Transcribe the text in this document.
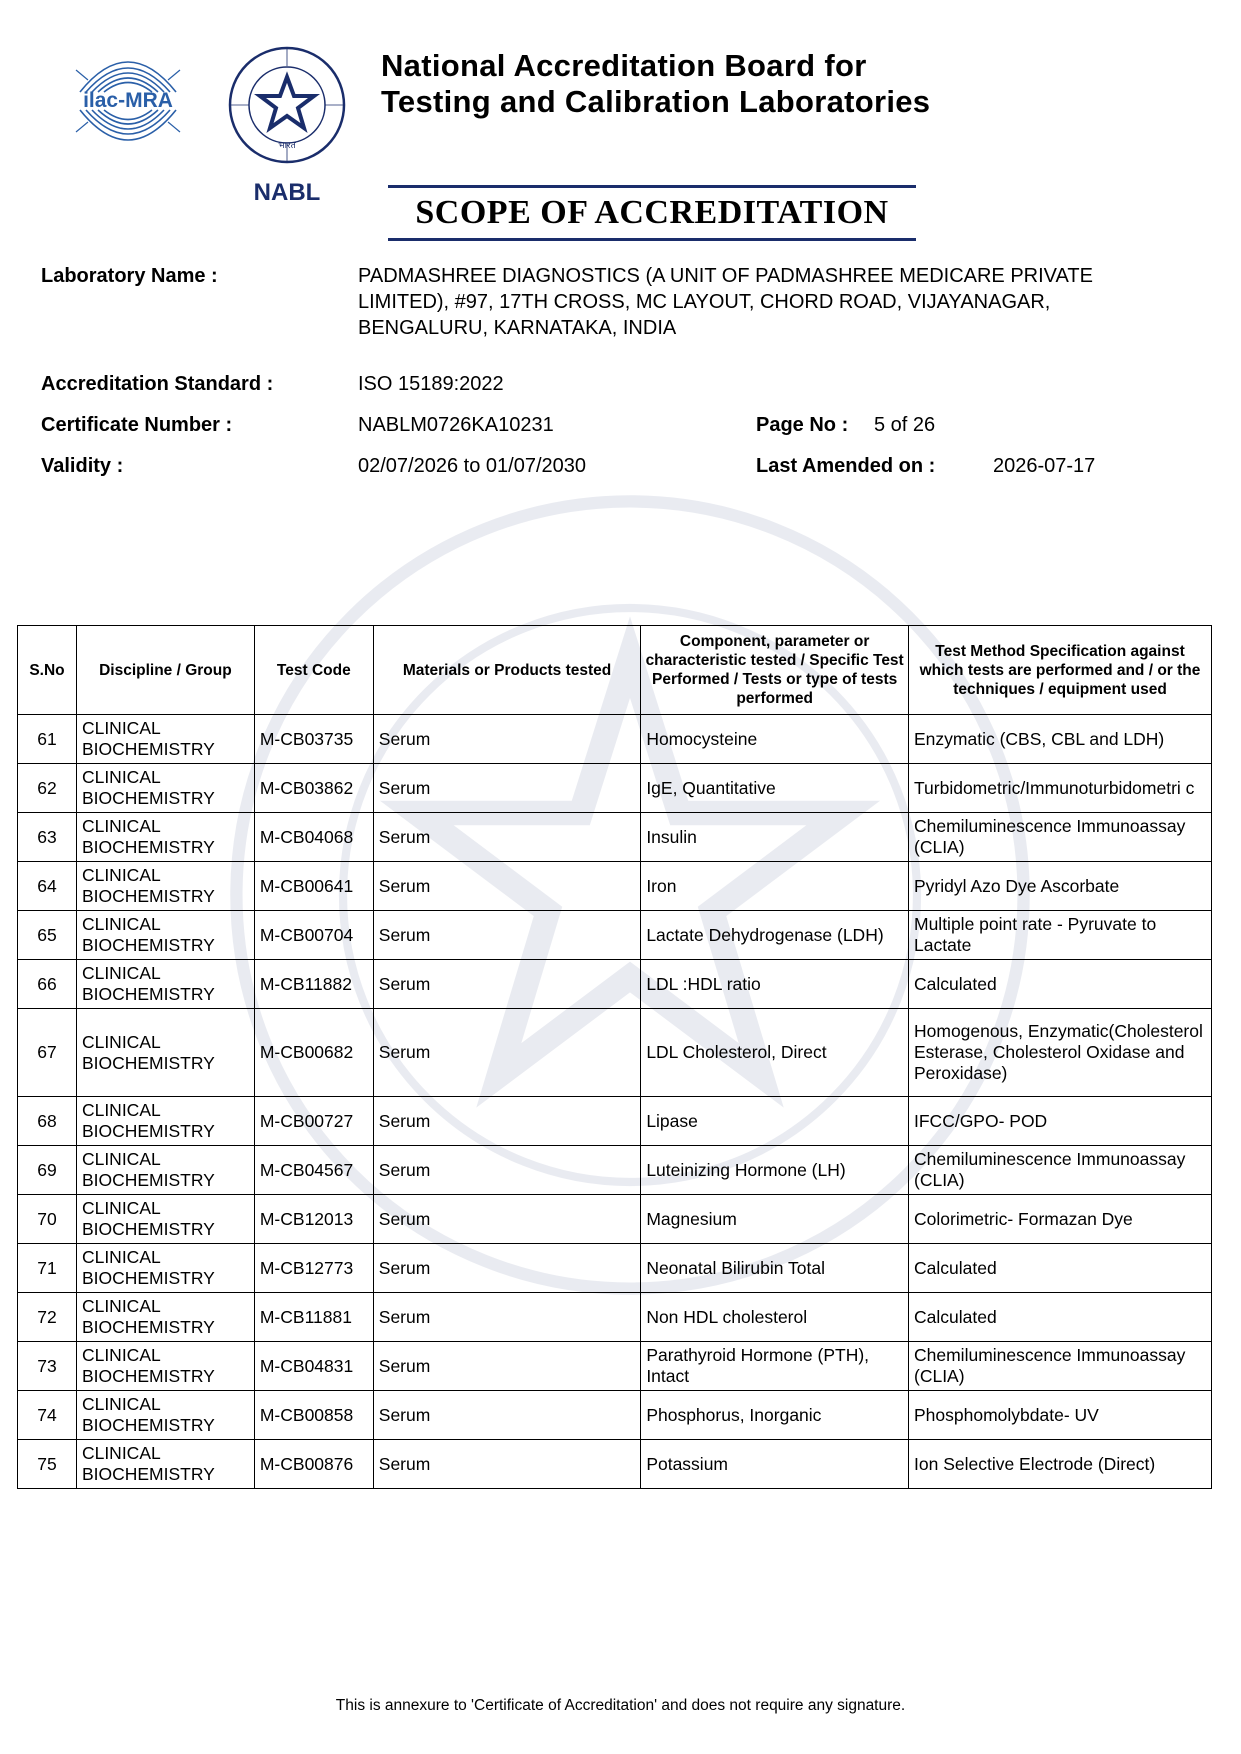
ilac-MRA
भारत
NABL
National Accreditation Board for
Testing and Calibration Laboratories
SCOPE OF ACCREDITATION
Laboratory Name :	PADMASHREE DIAGNOSTICS (A UNIT OF PADMASHREE MEDICARE PRIVATE
LIMITED), #97, 17TH CROSS, MC LAYOUT, CHORD ROAD, VIJAYANAGAR,
BENGALURU, KARNATAKA, INDIA
Accreditation Standard :	ISO 15189:2022
Certificate Number :	NABLM0726KA10231	Page No : 5 of 26
Validity :	02/07/2026 to 01/07/2030	Last Amended on :	2026-07-17
S.No	Discipline / Group	Test Code	Materials or Products tested	Component, parameter or characteristic tested / Specific Test Performed / Tests or type of tests performed	Test Method Specification against which tests are performed and / or the techniques / equipment used
61	CLINICAL BIOCHEMISTRY	M-CB03735	Serum	Homocysteine	Enzymatic (CBS, CBL and LDH)
62	CLINICAL BIOCHEMISTRY	M-CB03862	Serum	IgE, Quantitative	Turbidometric/Immunoturbidometri c
63	CLINICAL BIOCHEMISTRY	M-CB04068	Serum	Insulin	Chemiluminescence Immunoassay (CLIA)
64	CLINICAL BIOCHEMISTRY	M-CB00641	Serum	Iron	Pyridyl Azo Dye Ascorbate
65	CLINICAL BIOCHEMISTRY	M-CB00704	Serum	Lactate Dehydrogenase (LDH)	Multiple point rate - Pyruvate to Lactate
66	CLINICAL BIOCHEMISTRY	M-CB11882	Serum	LDL :HDL ratio	Calculated
67	CLINICAL BIOCHEMISTRY	M-CB00682	Serum	LDL Cholesterol, Direct	Homogenous, Enzymatic(Cholesterol Esterase, Cholesterol Oxidase and Peroxidase)
68	CLINICAL BIOCHEMISTRY	M-CB00727	Serum	Lipase	IFCC/GPO- POD
69	CLINICAL BIOCHEMISTRY	M-CB04567	Serum	Luteinizing Hormone (LH)	Chemiluminescence Immunoassay (CLIA)
70	CLINICAL BIOCHEMISTRY	M-CB12013	Serum	Magnesium	Colorimetric- Formazan Dye
71	CLINICAL BIOCHEMISTRY	M-CB12773	Serum	Neonatal Bilirubin Total	Calculated
72	CLINICAL BIOCHEMISTRY	M-CB11881	Serum	Non HDL cholesterol	Calculated
73	CLINICAL BIOCHEMISTRY	M-CB04831	Serum	Parathyroid Hormone (PTH), Intact	Chemiluminescence Immunoassay (CLIA)
74	CLINICAL BIOCHEMISTRY	M-CB00858	Serum	Phosphorus, Inorganic	Phosphomolybdate- UV
75	CLINICAL BIOCHEMISTRY	M-CB00876	Serum	Potassium	Ion Selective Electrode (Direct)
This is annexure to 'Certificate of Accreditation' and does not require any signature.
